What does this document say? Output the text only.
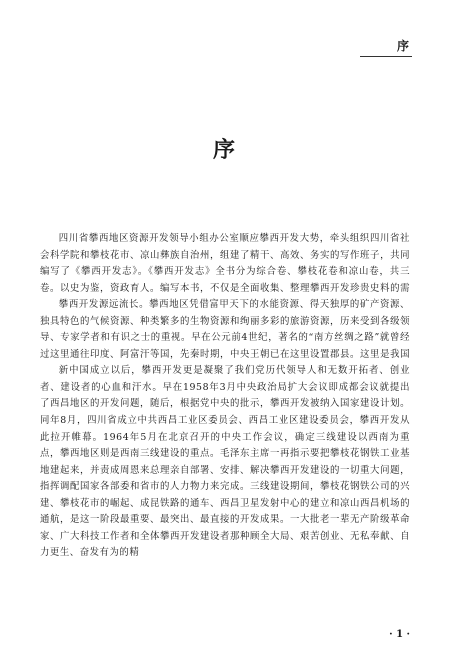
序
序

四川省攀西地区资源开发领导小组办公室顺应攀西开发大势，牵头组织四川省社会科学院和攀枝花市、凉山彝族自治州，组建了精干、高效、务实的写作班子，共同编写了《攀西开发志》。《攀西开发志》全书分为综合卷、攀枝花卷和凉山卷，共三卷。以史为鉴，资政育人。编写本书，不仅是全面收集、整理攀西开发珍贵史料的需

攀西开发源远流长。攀西地区凭借富甲天下的水能资源、得天独厚的矿产资源、独具特色的气候资源、种类繁多的生物资源和绚丽多彩的旅游资源，历来受到各级领导、专家学者和有识之士的重视。早在公元前4世纪，著名的“南方丝绸之路”就曾经过这里通往印度、阿富汗等国，先秦时期，中央王朝已在这里设置郡县。这里是我国

新中国成立以后，攀西开发更是凝聚了我们党历代领导人和无数开拓者、创业者、建设者的心血和汗水。早在1958年3月中央政治局扩大会议即成都会议就提出了西昌地区的开发问题，随后，根据党中央的批示，攀西开发被纳入国家建设计划。同年8月，四川省成立中共西昌工业区委员会、西昌工业区建设委员会，攀西开发从此拉开帷幕。1964年5月在北京召开的中央工作会议，确定三线建设以西南为重点，攀西地区则是西南三线建设的重点。毛泽东主席一再指示要把攀枝花钢铁工业基地建起来，并责成周恩来总理亲自部署、安排、解决攀西开发建设的一切重大问题，指挥调配国家各部委和省市的人力物力来完成。三线建设期间，攀枝花钢铁公司的兴建、攀枝花市的崛起、成昆铁路的通车、西昌卫星发射中心的建立和凉山西昌机场的通航，是这一阶段最重要、最突出、最直接的开发成果。一大批老一辈无产阶级革命家、广大科技工作者和全体攀西开发建设者那种顾全大局、艰苦创业、无私奉献、自力更生、奋发有为的精

· 1 ·
